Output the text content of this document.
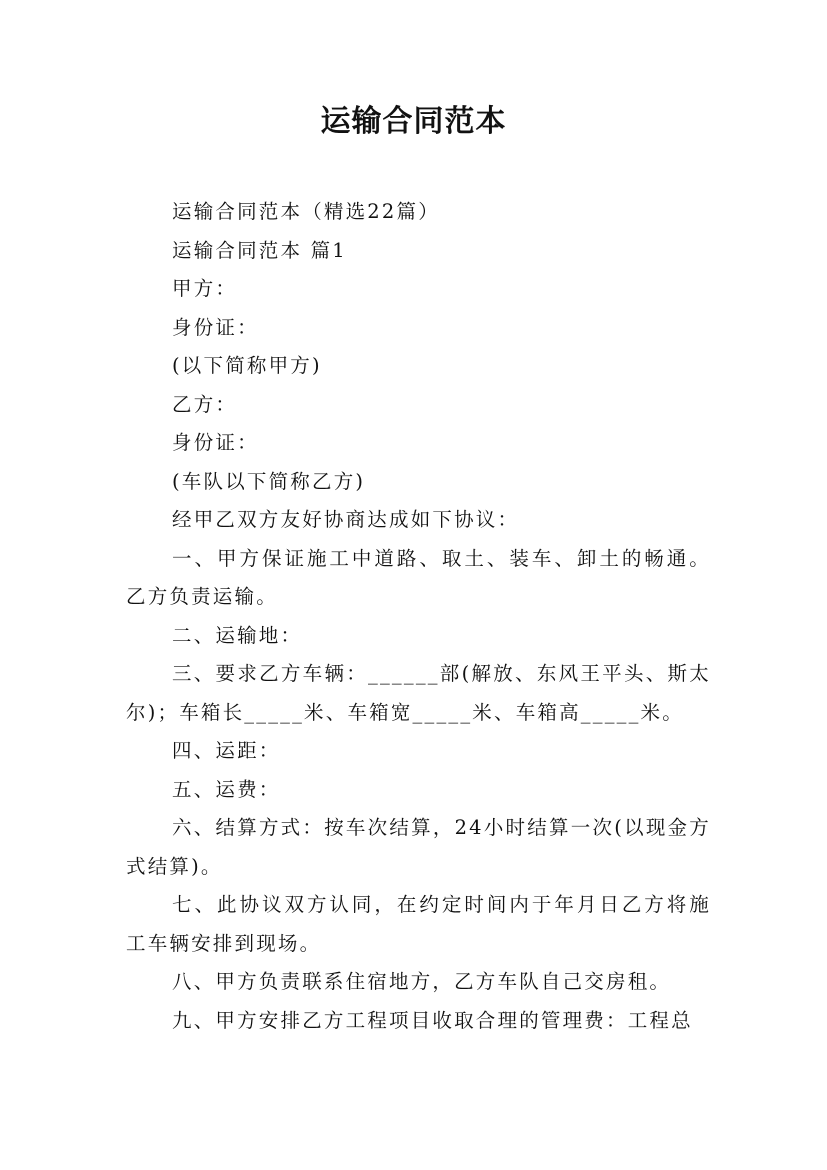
运输合同范本

运输合同范本（精选22篇）

运输合同范本 篇1

甲方：

身份证：

(以下简称甲方)

乙方：

身份证：

(车队以下简称乙方)

经甲乙双方友好协商达成如下协议：

一、甲方保证施工中道路、取土、装车、卸土的畅通。乙方负责运输。

二、运输地：

三、要求乙方车辆：______部(解放、东风王平头、斯太尔)；车箱长_____米、车箱宽_____米、车箱高_____米。

四、运距：

五、运费：

六、结算方式：按车次结算，24小时结算一次(以现金方式结算)。

七、此协议双方认同，在约定时间内于年月日乙方将施工车辆安排到现场。

八、甲方负责联系住宿地方，乙方车队自己交房租。

九、甲方安排乙方工程项目收取合理的管理费：工程总
